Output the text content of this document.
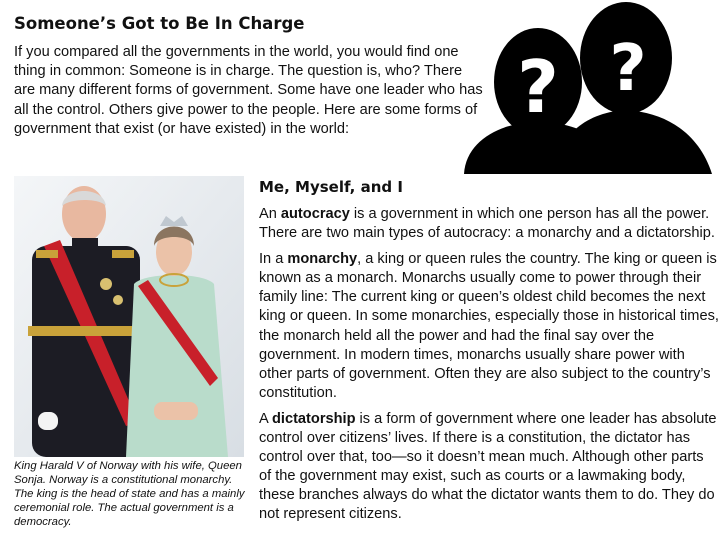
Someone’s Got to Be In Charge

If you compared all the governments in the world, you would find one thing in common: Someone is in charge. The question is, who? There are many different forms of government. Some have one leader who has all the control. Others give power to the people. Here are some forms of government that exist (or have existed) in the world:	? ?

King Harald V of Norway with his wife, Queen Sonja. Norway is a constitutional monarchy. The king is the head of state and has a mainly ceremonial role. The actual government is a democracy.

Me, Myself, and I

An autocracy is a government in which one person has all the power. There are two main types of autocracy: a monarchy and a dictatorship.

In a monarchy, a king or queen rules the country. The king or queen is known as a monarch. Monarchs usually come to power through their family line: The current king or queen’s oldest child becomes the next king or queen. In some monarchies, especially those in historical times, the monarch held all the power and had the final say over the government. In modern times, monarchs usually share power with other parts of government. Often they are also subject to the country’s constitution.

A dictatorship is a form of government where one leader has absolute control over citizens’ lives. If there is a constitution, the dictator has control over that, too—so it doesn’t mean much. Although other parts of the government may exist, such as courts or a lawmaking body, these branches always do what the dictator wants them to do. They do not represent citizens.
